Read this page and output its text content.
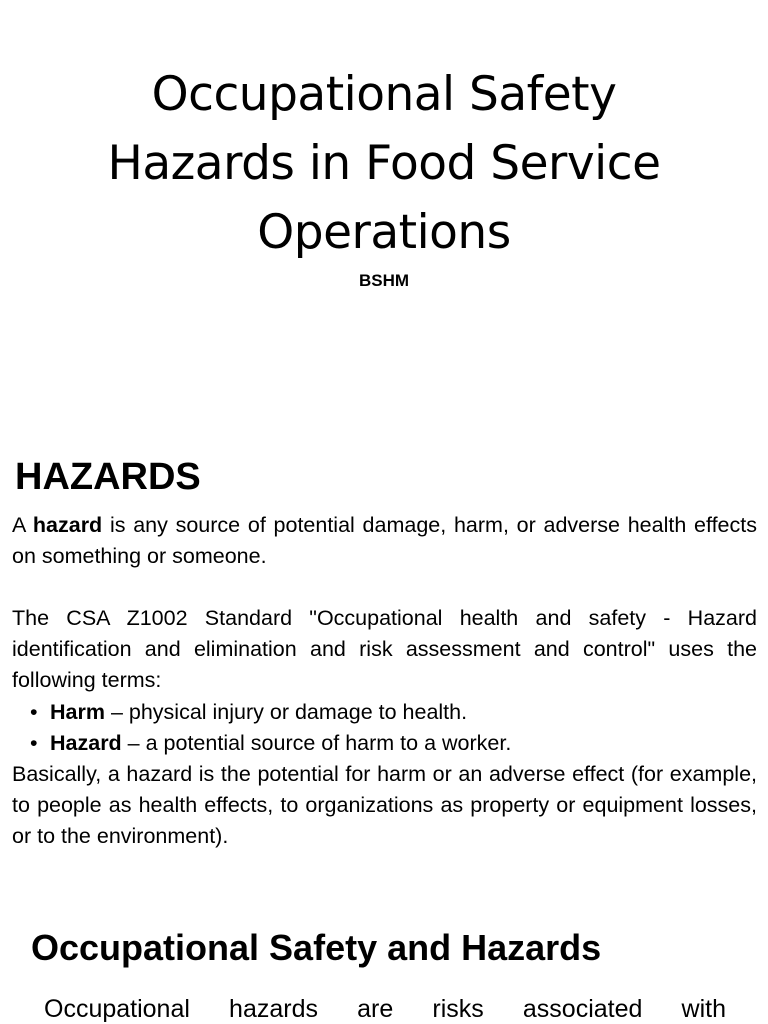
Occupational Safety Hazards in Food Service Operations
BSHM
HAZARDS

A hazard is any source of potential damage, harm, or adverse health effects on something or someone.

The CSA Z1002 Standard "Occupational health and safety - Hazard identification and elimination and risk assessment and control" uses the following terms:

• Harm – physical injury or damage to health.
• Hazard – a potential source of harm to a worker.

Basically, a hazard is the potential for harm or an adverse effect (for example, to people as health effects, to organizations as property or equipment losses, or to the environment).

Occupational Safety and Hazards

Occupational hazards are risks associated with
